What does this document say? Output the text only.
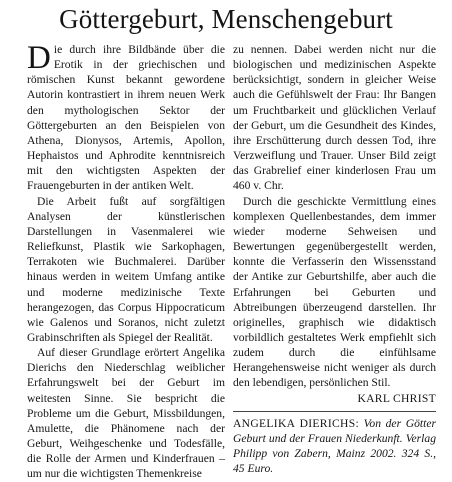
Göttergeburt, Menschengeburt

Die durch ihre Bildbände über die Erotik in der griechischen und römischen Kunst bekannt gewordene Autorin kontrastiert in ihrem neuen Werk den mythologischen Sektor der Göttergeburten an den Beispielen von Athena, Dionysos, Artemis, Apollon, Hephaistos und Aphrodite kenntnisreich mit den wichtigsten Aspekten der Frauengeburten in der antiken Welt.

Die Arbeit fußt auf sorgfältigen Analysen der künstlerischen Darstellungen in Vasenmalerei wie Reliefkunst, Plastik wie Sarkophagen, Terrakoten wie Buchmalerei. Darüber hinaus werden in weitem Umfang antike und moderne medizinische Texte herangezogen, das Corpus Hippocraticum wie Galenos und Soranos, nicht zuletzt Grabinschriften als Spiegel der Realität.

Auf dieser Grundlage erörtert Angelika Dierichs den Niederschlag weiblicher Erfahrungswelt bei der Geburt im weitesten Sinne. Sie bespricht die Probleme um die Geburt, Missbildungen, Amulette, die Phänomene nach der Geburt, Weihgeschenke und Todesfälle, die Rolle der Armen und Kinderfrauen – um nur die wichtigsten Themenkreise

zu nennen. Dabei werden nicht nur die biologischen und medizinischen Aspekte berücksichtigt, sondern in gleicher Weise auch die Gefühlswelt der Frau: Ihr Bangen um Fruchtbarkeit und glücklichen Verlauf der Geburt, um die Gesundheit des Kindes, ihre Erschütterung durch dessen Tod, ihre Verzweiflung und Trauer. Unser Bild zeigt das Grabrelief einer kinderlosen Frau um 460 v. Chr.

Durch die geschickte Vermittlung eines komplexen Quellenbestandes, dem immer wieder moderne Sehweisen und Bewertungen gegenübergestellt werden, konnte die Verfasserin den Wissensstand der Antike zur Geburtshilfe, aber auch die Erfahrungen bei Geburten und Abtreibungen überzeugend darstellen. Ihr originelles, graphisch wie didaktisch vorbildlich gestaltetes Werk empfiehlt sich zudem durch die einfühlsame Herangehensweise nicht weniger als durch den lebendigen, persönlichen Stil.
KARL CHRIST

ANGELIKA DIERICHS: Von der Götter Geburt und der Frauen Niederkunft. Verlag Philipp von Zabern, Mainz 2002. 324 S., 45 Euro.
